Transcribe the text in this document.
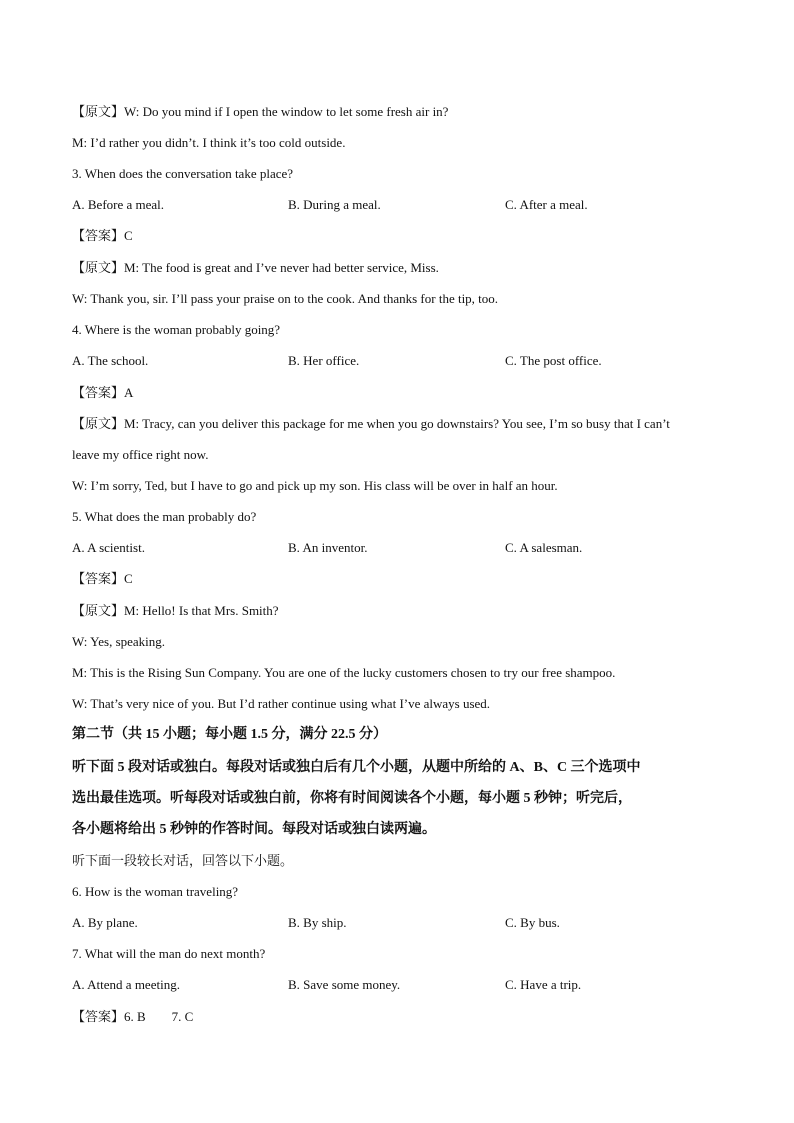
【原文】W: Do you mind if I open the window to let some fresh air in?
M: I’d rather you didn’t. I think it’s too cold outside.
3. When does the conversation take place?
A. Before a meal.	B. During a meal.	C. After a meal.
【答案】C
【原文】M: The food is great and I’ve never had better service, Miss.
W: Thank you, sir. I’ll pass your praise on to the cook. And thanks for the tip, too.
4. Where is the woman probably going?
A. The school.	B. Her office.	C. The post office.
【答案】A
【原文】M: Tracy, can you deliver this package for me when you go downstairs? You see, I’m so busy that I can’t
leave my office right now.
W: I’m sorry, Ted, but I have to go and pick up my son. His class will be over in half an hour.
5. What does the man probably do?
A. A scientist.	B. An inventor.	C. A salesman.
【答案】C
【原文】M: Hello! Is that Mrs. Smith?
W: Yes, speaking.
M: This is the Rising Sun Company. You are one of the lucky customers chosen to try our free shampoo.
W: That’s very nice of you. But I’d rather continue using what I’ve always used.
第二节（共 15 小题；每小题 1.5 分，满分 22.5 分）
听下面 5 段对话或独白。每段对话或独白后有几个小题，从题中所给的 A、B、C 三个选项中
选出最佳选项。听每段对话或独白前，你将有时间阅读各个小题，每小题 5 秒钟；听完后，
各小题将给出 5 秒钟的作答时间。每段对话或独白读两遍。
听下面一段较长对话，回答以下小题。
6. How is the woman traveling?
A. By plane.	B. By ship.	C. By bus.
7. What will the man do next month?
A. Attend a meeting.	B. Save some money.	C. Have a trip.
【答案】6. B        7. C
